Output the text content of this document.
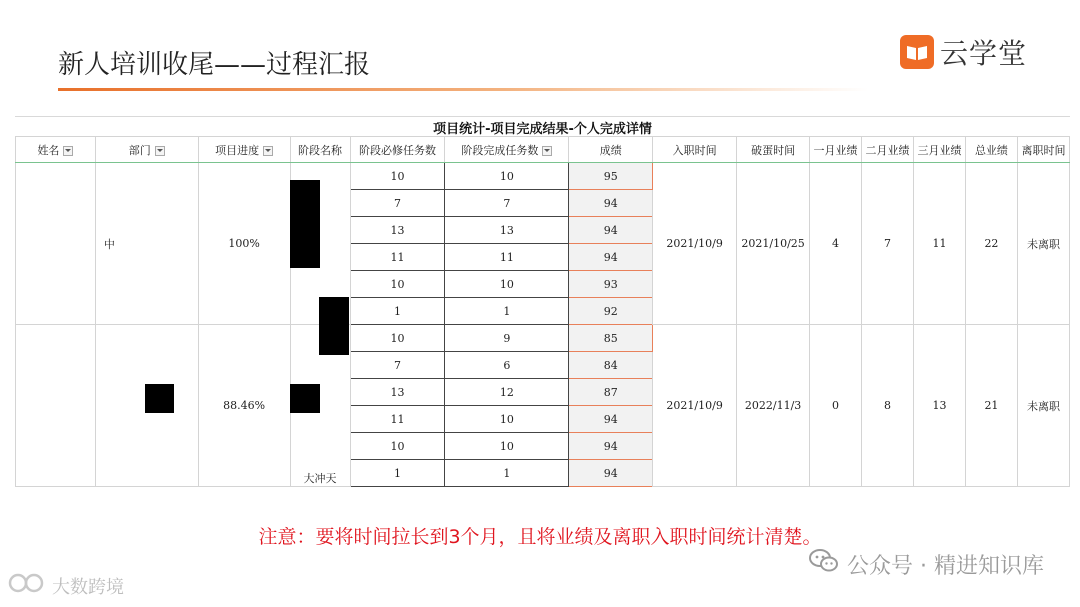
新人培训收尾——过程汇报	云学堂
项目统计-项目完成结果-个人完成详情
姓名	部门	项目进度	阶段名称	阶段必修任务数	阶段完成任务数	成绩	入职时间	破蛋时间	一月业绩	二月业绩	三月业绩	总业绩	离职时间
	中	100%		10	10	95	2021/10/9	2021/10/25	4	7	11	22	未离职
				7	7	94							
				13	13	94							
				11	11	94							
				10	10	93							
				1	1	92							
		88.46%	大冲天	10	9	85	2021/10/9	2022/11/3	0	8	13	21	未离职
				7	6	84							
				13	12	87							
				11	10	94							
				10	10	94							
				1	1	94							
注意：要将时间拉长到3个月，且将业绩及离职入职时间统计清楚。
公众号 · 精进知识库
大数跨境
